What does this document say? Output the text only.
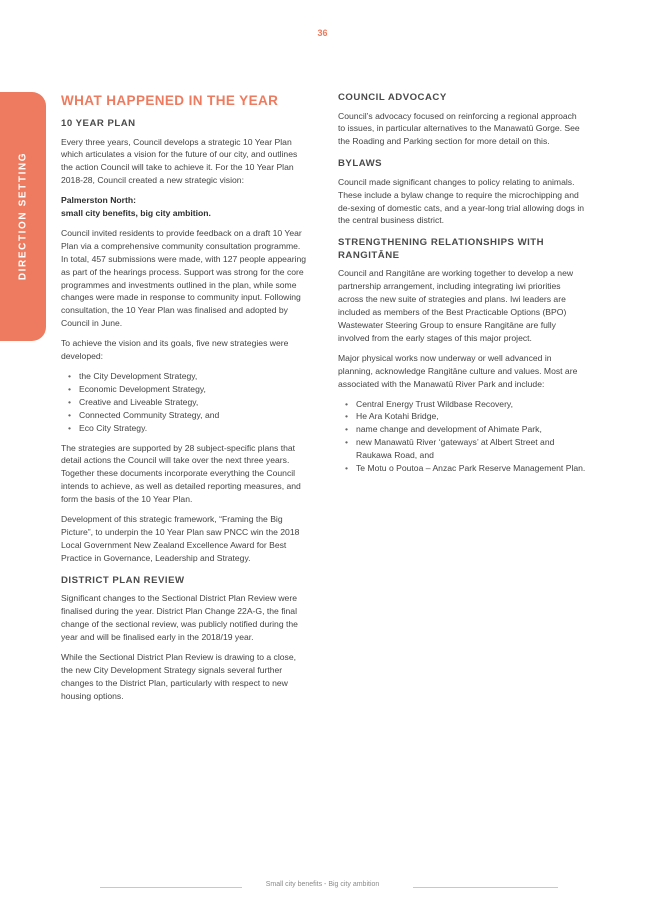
36
DIRECTION SETTING
WHAT HAPPENED IN THE YEAR
10 YEAR PLAN

Every three years, Council develops a strategic 10 Year Plan which articulates a vision for the future of our city, and outlines the action Council will take to achieve it. For the 10 Year Plan 2018-28, Council created a new strategic vision:

Palmerston North:
small city benefits, big city ambition.

Council invited residents to provide feedback on a draft 10 Year Plan via a comprehensive community consultation programme. In total, 457 submissions were made, with 127 people appearing as part of the hearings process. Support was strong for the core programmes and investments outlined in the plan, while some changes were made in response to community input. Following consultation, the 10 Year Plan was finalised and adopted by Council in June.

To achieve the vision and its goals, five new strategies were developed:

• the City Development Strategy,
• Economic Development Strategy,
• Creative and Liveable Strategy,
• Connected Community Strategy, and
• Eco City Strategy.

The strategies are supported by 28 subject-specific plans that detail actions the Council will take over the next three years. Together these documents incorporate everything the Council intends to achieve, as well as detailed reporting measures, and form the basis of the 10 Year Plan.

Development of this strategic framework, “Framing the Big Picture”, to underpin the 10 Year Plan saw PNCC win the 2018 Local Government New Zealand Excellence Award for Best Practice in Governance, Leadership and Strategy.

DISTRICT PLAN REVIEW

Significant changes to the Sectional District Plan Review were finalised during the year. District Plan Change 22A-G, the final change of the sectional review, was publicly notified during the year and will be finalised early in the 2018/19 year.

While the Sectional District Plan Review is drawing to a close, the new City Development Strategy signals several further changes to the District Plan, particularly with respect to new housing options.

COUNCIL ADVOCACY

Council’s advocacy focused on reinforcing a regional approach to issues, in particular alternatives to the Manawatū Gorge. See the Roading and Parking section for more detail on this.

BYLAWS

Council made significant changes to policy relating to animals. These include a bylaw change to require the microchipping and de-sexing of domestic cats, and a year-long trial allowing dogs in the central business district.

STRENGTHENING RELATIONSHIPS WITH RANGITĀNE

Council and Rangitāne are working together to develop a new partnership arrangement, including integrating iwi priorities across the new suite of strategies and plans. Iwi leaders are included as members of the Best Practicable Options (BPO) Wastewater Steering Group to ensure Rangitāne are fully involved from the early stages of this major project.

Major physical works now underway or well advanced in planning, acknowledge Rangitāne culture and values. Most are associated with the Manawatū River Park and include:

• Central Energy Trust Wildbase Recovery,
• He Ara Kotahi Bridge,
• name change and development of Ahimate Park,
• new Manawatū River ‘gateways’ at Albert Street and Raukawa Road, and
• Te Motu o Poutoa – Anzac Park Reserve Management Plan.
Small city benefits - Big city ambition
